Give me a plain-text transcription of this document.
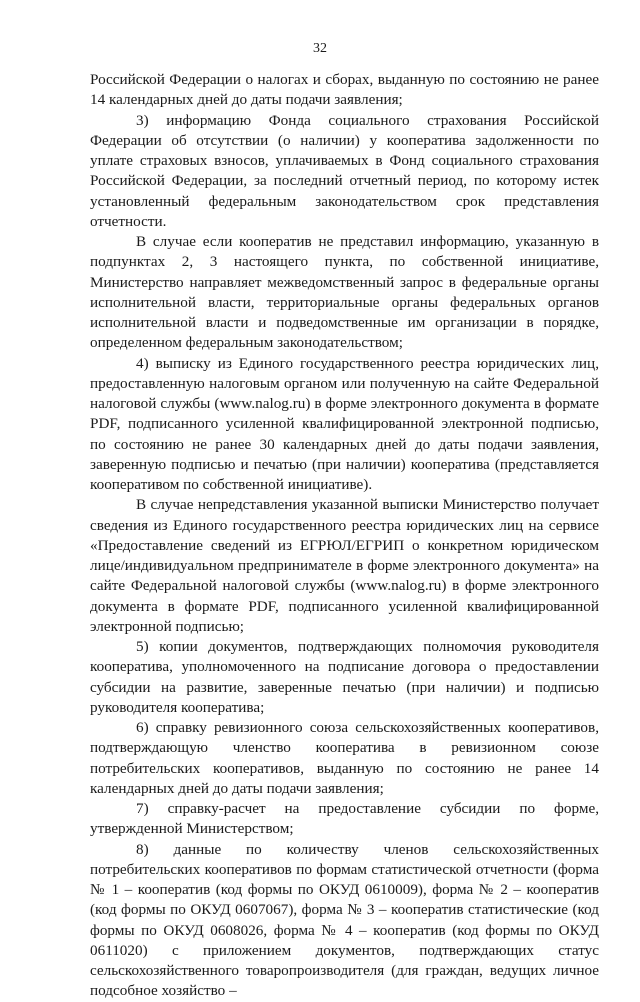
32

Российской Федерации о налогах и сборах, выданную по состоянию не ранее 14 календарных дней до даты подачи заявления;

3) информацию Фонда социального страхования Российской Федерации об отсутствии (о наличии) у кооператива задолженности по уплате страховых взносов, уплачиваемых в Фонд социального страхования Российской Федерации, за последний отчетный период, по которому истек установленный федеральным законодательством срок представления отчетности.

В случае если кооператив не представил информацию, указанную в подпунктах 2, 3 настоящего пункта, по собственной инициативе, Министерство направляет межведомственный запрос в федеральные органы исполнительной власти, территориальные органы федеральных органов исполнительной власти и подведомственные им организации в порядке, определенном федеральным законодательством;

4) выписку из Единого государственного реестра юридических лиц, предоставленную налоговым органом или полученную на сайте Федеральной налоговой службы (www.nalog.ru) в форме электронного документа в формате PDF, подписанного усиленной квалифицированной электронной подписью, по состоянию не ранее 30 календарных дней до даты подачи заявления, заверенную подписью и печатью (при наличии) кооператива (представляется кооперативом по собственной инициативе).

В случае непредставления указанной выписки Министерство получает сведения из Единого государственного реестра юридических лиц на сервисе «Предоставление сведений из ЕГРЮЛ/ЕГРИП о конкретном юридическом лице/индивидуальном предпринимателе в форме электронного документа» на сайте Федеральной налоговой службы (www.nalog.ru) в форме электронного документа в формате PDF, подписанного усиленной квалифицированной электронной подписью;

5) копии документов, подтверждающих полномочия руководителя кооператива, уполномоченного на подписание договора о предоставлении субсидии на развитие, заверенные печатью (при наличии) и подписью руководителя кооператива;

6) справку ревизионного союза сельскохозяйственных кооперативов, подтверждающую членство кооператива в ревизионном союзе потребительских кооперативов, выданную по состоянию не ранее 14 календарных дней до даты подачи заявления;

7) справку-расчет на предоставление субсидии по форме, утвержденной Министерством;

8) данные по количеству членов сельскохозяйственных потребительских кооперативов по формам статистической отчетности (форма № 1 – кооператив (код формы по ОКУД 0610009), форма № 2 – кооператив (код формы по ОКУД 0607067), форма № 3 – кооператив статистические (код формы по ОКУД 0608026, форма № 4 – кооператив (код формы по ОКУД 0611020) с приложением документов, подтверждающих статус сельскохозяйственного товаропроизводителя (для граждан, ведущих личное подсобное хозяйство –
